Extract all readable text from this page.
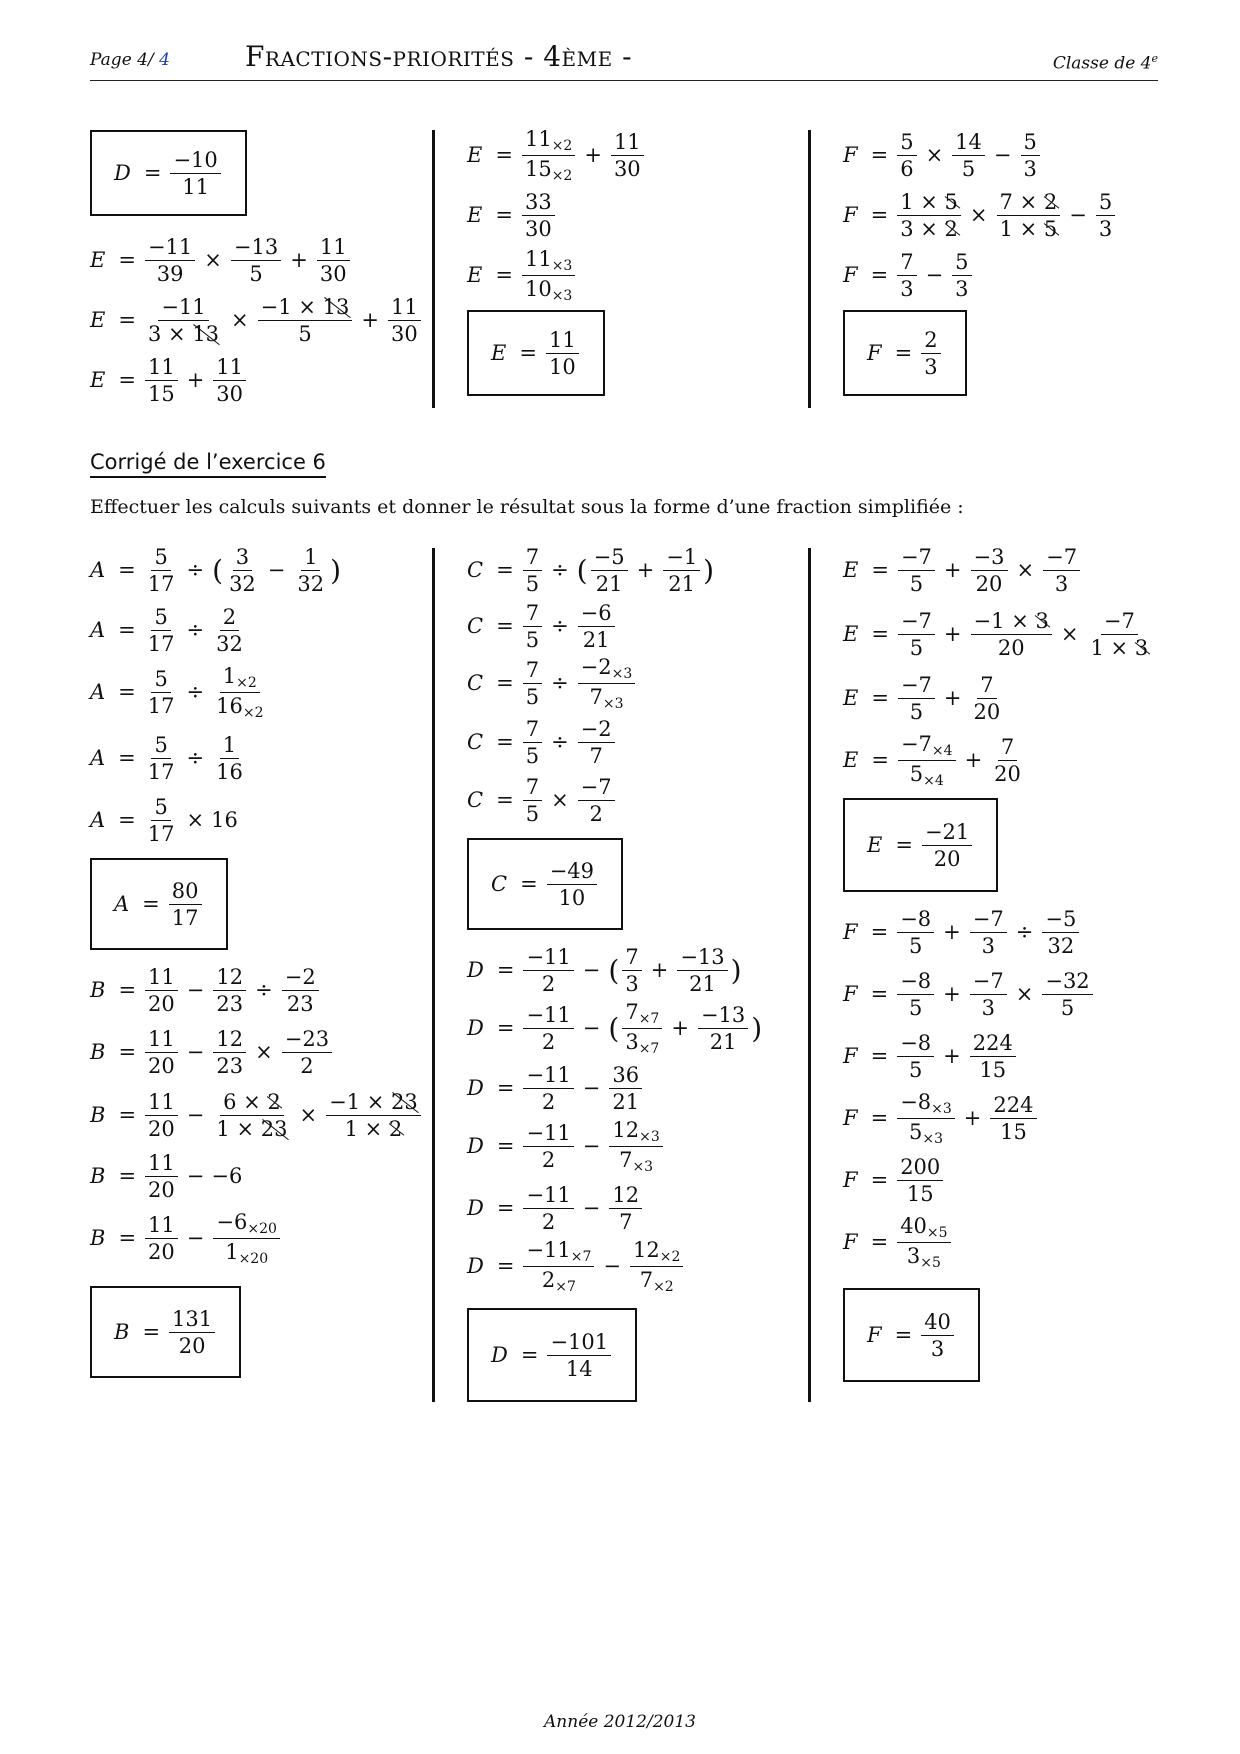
Page 4/ 4	Fractions-priorités - 4ème -	Classe de 4e
$D = \frac{-10}{11}$
$E = \frac{-11}{39} \times \frac{-13}{5} + \frac{11}{30}$
$E = \frac{-11}{3 \times 13} \times \frac{-1 \times 13}{5} + \frac{11}{30}$
$E = \frac{11}{15} + \frac{11}{30}$
$E = \frac{11\times 2}{15\times 2} + \frac{11}{30}$
$E = \frac{33}{30}$
$E = \frac{11\times 3}{10\times 3}$
$E = \frac{11}{10}$
$F = \frac{5}{6} \times \frac{14}{5} - \frac{5}{3}$
$F = \frac{1 \times 5}{3 \times 2} \times \frac{7 \times 2}{1 \times 5} - \frac{5}{3}$
$F = \frac{7}{3} - \frac{5}{3}$
$F = \frac{2}{3}$
Corrigé de l’exercice 6
Effectuer les calculs suivants et donner le résultat sous la forme d’une fraction simplifiée :
$A = \frac{5}{17}$ ÷ ( 3
32
− $\frac{1}{32}$ )
$A = \frac{5}{17} \div \frac{2}{32}$
$A = \frac{5}{17} \div \frac{1\times 2}{16\times 2}$
$A = \frac{5}{17} \div \frac{1}{16}$
$A = \frac{5}{17} \times 16$
$A = \frac{80}{17}$
$B = \frac{11}{20} - \frac{12}{23} \div \frac{-2}{23}$
$B = \frac{11}{20} - \frac{12}{23} \times \frac{-23}{2}$
$B = \frac{11}{20} - \frac{6 \times 2}{1 \times 23} \times \frac{-1 \times 23}{1 \times 2}$
$B = \frac{11}{20} - -6$
$B = \frac{11}{20} - \frac{-6\times 20}{1\times 20}$
$B = \frac{131}{20}$
$C = \frac{7}{5}$ ÷ ( −5
21
+ $\frac{-1}{21}$ )
$C = \frac{7}{5} \div \frac{-6}{21}$
$C = \frac{7}{5} \div \frac{-2\times 3}{7\times 3}$
$C = \frac{7}{5} \div \frac{-2}{7}$
$C = \frac{7}{5} \times \frac{-7}{2}$
$C = \frac{-49}{10}$
$D = \frac{-11}{2}$ − ( 7
3
+ $\frac{-13}{21}$ )
$D = \frac{-11}{2}$ − ( 7×7
3×7
+ $\frac{-13}{21}$ )
$D = \frac{-11}{2} - \frac{36}{21}$
$D = \frac{-11}{2} - \frac{12\times 3}{7\times 3}$
$D = \frac{-11}{2} - \frac{12}{7}$
$D = \frac{-11\times 7}{2\times 7} - \frac{12\times 2}{7\times 2}$
$D = \frac{-101}{14}$
$E = \frac{-7}{5} + \frac{-3}{20} \times \frac{-7}{3}$
$E = \frac{-7}{5} + \frac{-1 \times 3}{20} \times \frac{-7}{1 \times 3}$
$E = \frac{-7}{5} + \frac{7}{20}$
$E = \frac{-7\times 4}{5\times 4} + \frac{7}{20}$
$E = \frac{-21}{20}$
$F = \frac{-8}{5} + \frac{-7}{3} \div \frac{-5}{32}$
$F = \frac{-8}{5} + \frac{-7}{3} \times \frac{-32}{5}$
$F = \frac{-8}{5} + \frac{224}{15}$
$F = \frac{-8\times 3}{5\times 3} + \frac{224}{15}$
$F = \frac{200}{15}$
$F = \frac{40\times 5}{3\times 5}$
$F = \frac{40}{3}$
Année 2012/2013
